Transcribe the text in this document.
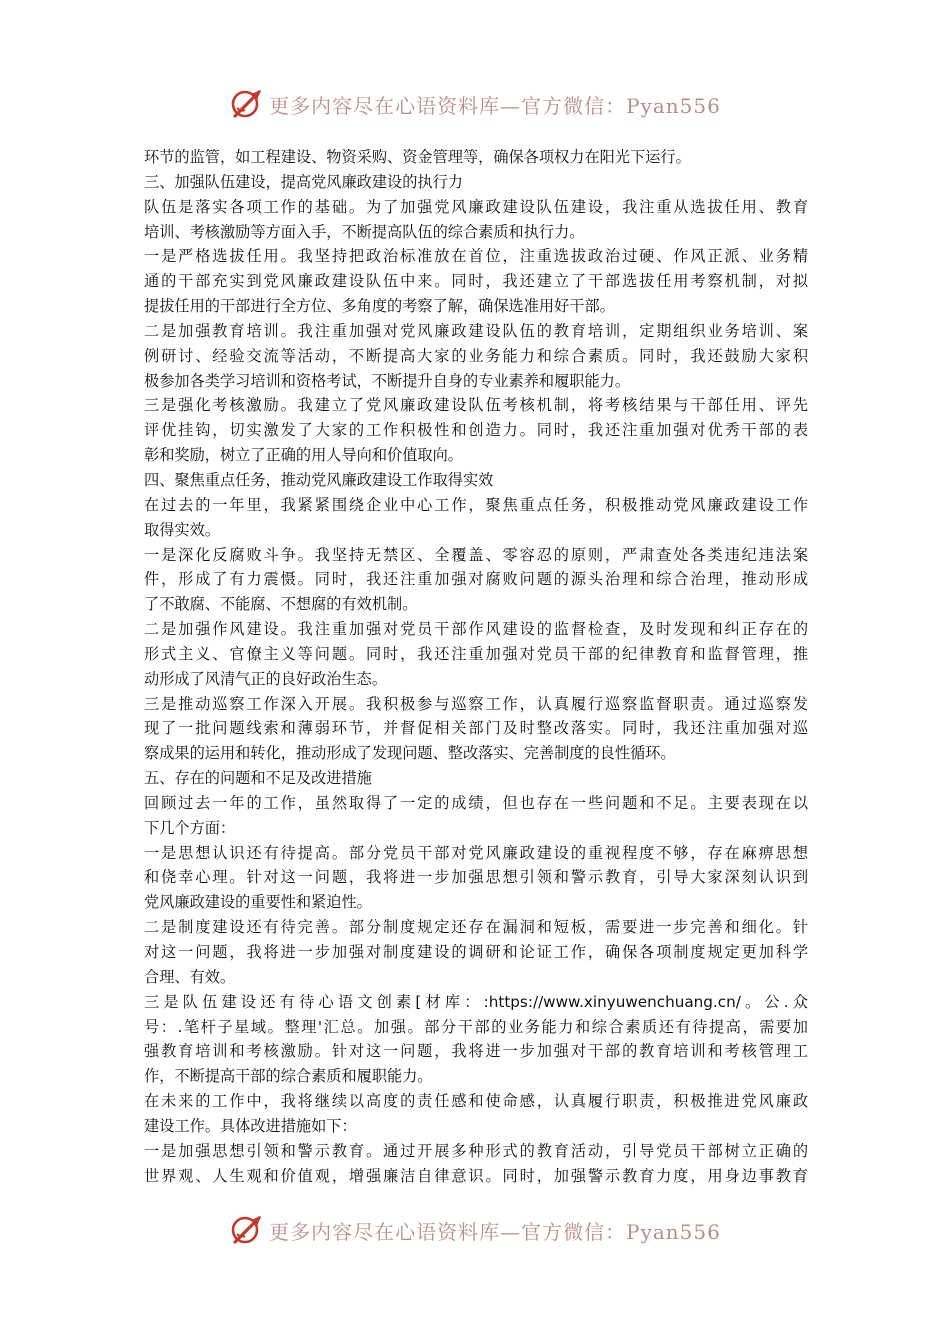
更多内容尽在心语资料库—官方微信：Pyan556
环节的监管，如工程建设、物资采购、资金管理等，确保各项权力在阳光下运行。
三、加强队伍建设，提高党风廉政建设的执行力
队伍是落实各项工作的基础。为了加强党风廉政建设队伍建设，我注重从选拔任用、教育
培训、考核激励等方面入手，不断提高队伍的综合素质和执行力。
一是严格选拔任用。我坚持把政治标准放在首位，注重选拔政治过硬、作风正派、业务精
通的干部充实到党风廉政建设队伍中来。同时，我还建立了干部选拔任用考察机制，对拟
提拔任用的干部进行全方位、多角度的考察了解，确保选准用好干部。
二是加强教育培训。我注重加强对党风廉政建设队伍的教育培训，定期组织业务培训、案
例研讨、经验交流等活动，不断提高大家的业务能力和综合素质。同时，我还鼓励大家积
极参加各类学习培训和资格考试，不断提升自身的专业素养和履职能力。
三是强化考核激励。我建立了党风廉政建设队伍考核机制，将考核结果与干部任用、评先
评优挂钩，切实激发了大家的工作积极性和创造力。同时，我还注重加强对优秀干部的表
彰和奖励，树立了正确的用人导向和价值取向。
四、聚焦重点任务，推动党风廉政建设工作取得实效
在过去的一年里，我紧紧围绕企业中心工作，聚焦重点任务，积极推动党风廉政建设工作
取得实效。
一是深化反腐败斗争。我坚持无禁区、全覆盖、零容忍的原则，严肃查处各类违纪违法案
件，形成了有力震慑。同时，我还注重加强对腐败问题的源头治理和综合治理，推动形成
了不敢腐、不能腐、不想腐的有效机制。
二是加强作风建设。我注重加强对党员干部作风建设的监督检查，及时发现和纠正存在的
形式主义、官僚主义等问题。同时，我还注重加强对党员干部的纪律教育和监督管理，推
动形成了风清气正的良好政治生态。
三是推动巡察工作深入开展。我积极参与巡察工作，认真履行巡察监督职责。通过巡察发
现了一批问题线索和薄弱环节，并督促相关部门及时整改落实。同时，我还注重加强对巡
察成果的运用和转化，推动形成了发现问题、整改落实、完善制度的良性循环。
五、存在的问题和不足及改进措施
回顾过去一年的工作，虽然取得了一定的成绩，但也存在一些问题和不足。主要表现在以
下几个方面：
一是思想认识还有待提高。部分党员干部对党风廉政建设的重视程度不够，存在麻痹思想
和侥幸心理。针对这一问题，我将进一步加强思想引领和警示教育，引导大家深刻认识到
党风廉政建设的重要性和紧迫性。
二是制度建设还有待完善。部分制度规定还存在漏洞和短板，需要进一步完善和细化。针
对这一问题，我将进一步加强对制度建设的调研和论证工作，确保各项制度规定更加科学
合理、有效。
三是队伍建设还有待心语文创素[材库：:https://www.xinyuwenchuang.cn/。公.众
号：.笔杆子星域。整理'汇总。加强。部分干部的业务能力和综合素质还有待提高，需要加
强教育培训和考核激励。针对这一问题，我将进一步加强对干部的教育培训和考核管理工
作，不断提高干部的综合素质和履职能力。
在未来的工作中，我将继续以高度的责任感和使命感，认真履行职责，积极推进党风廉政
建设工作。具体改进措施如下：
一是加强思想引领和警示教育。通过开展多种形式的教育活动，引导党员干部树立正确的
世界观、人生观和价值观，增强廉洁自律意识。同时，加强警示教育力度，用身边事教育
更多内容尽在心语资料库—官方微信：Pyan556
